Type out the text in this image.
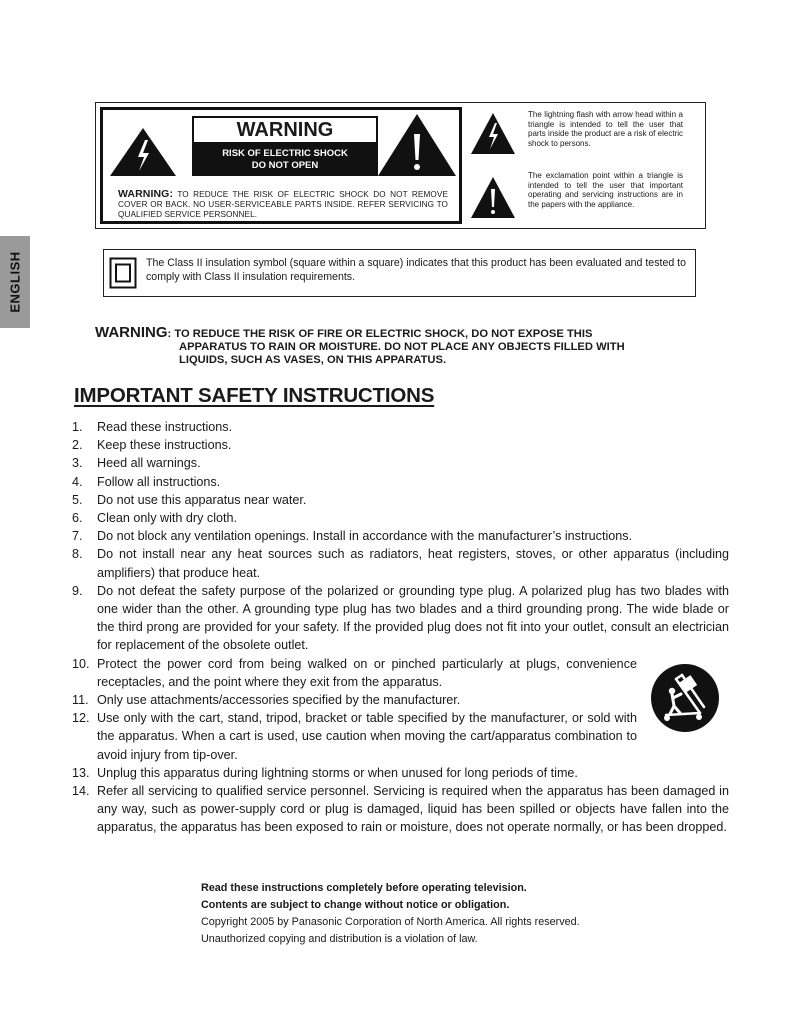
ENGLISH
WARNING
RISK OF ELECTRIC SHOCK
DO NOT OPEN
WARNING: TO REDUCE THE RISK OF ELECTRIC SHOCK DO NOT REMOVE COVER OR BACK. NO USER-SERVICEABLE PARTS INSIDE. REFER SERVICING TO QUALIFIED SERVICE PERSONNEL.
The lightning flash with arrow head within a triangle is intended to tell the user that parts inside the product are a risk of electric shock to persons.
The exclamation point within a triangle is intended to tell the user that important operating and servicing instructions are in the papers with the appliance.
The Class II insulation symbol (square within a square) indicates that this product has been evaluated and tested to comply with Class II insulation requirements.
WARNING: TO REDUCE THE RISK OF FIRE OR ELECTRIC SHOCK, DO NOT EXPOSE THIS
APPARATUS TO RAIN OR MOISTURE. DO NOT PLACE ANY OBJECTS FILLED WITH
LIQUIDS, SUCH AS VASES, ON THIS APPARATUS.
IMPORTANT SAFETY INSTRUCTIONS
1. Read these instructions.
2. Keep these instructions.
3. Heed all warnings.
4. Follow all instructions.
5. Do not use this apparatus near water.
6. Clean only with dry cloth.
7. Do not block any ventilation openings. Install in accordance with the manufacturer’s instructions.
8. Do not install near any heat sources such as radiators, heat registers, stoves, or other apparatus (including amplifiers) that produce heat.
9. Do not defeat the safety purpose of the polarized or grounding type plug. A polarized plug has two blades with one wider than the other. A grounding type plug has two blades and a third grounding prong. The wide blade or the third prong are provided for your safety. If the provided plug does not fit into your outlet, consult an electrician for replacement of the obsolete outlet.
10. Protect the power cord from being walked on or pinched particularly at plugs, convenience receptacles, and the point where they exit from the apparatus.
11. Only use attachments/accessories specified by the manufacturer.
12. Use only with the cart, stand, tripod, bracket or table specified by the manufacturer, or sold with the apparatus. When a cart is used, use caution when moving the cart/apparatus combination to avoid injury from tip-over.
13. Unplug this apparatus during lightning storms or when unused for long periods of time.
14. Refer all servicing to qualified service personnel. Servicing is required when the apparatus has been damaged in any way, such as power-supply cord or plug is damaged, liquid has been spilled or objects have fallen into the apparatus, the apparatus has been exposed to rain or moisture, does not operate normally, or has been dropped.
Read these instructions completely before operating television.
Contents are subject to change without notice or obligation.
Copyright 2005 by Panasonic Corporation of North America. All rights reserved.
Unauthorized copying and distribution is a violation of law.
